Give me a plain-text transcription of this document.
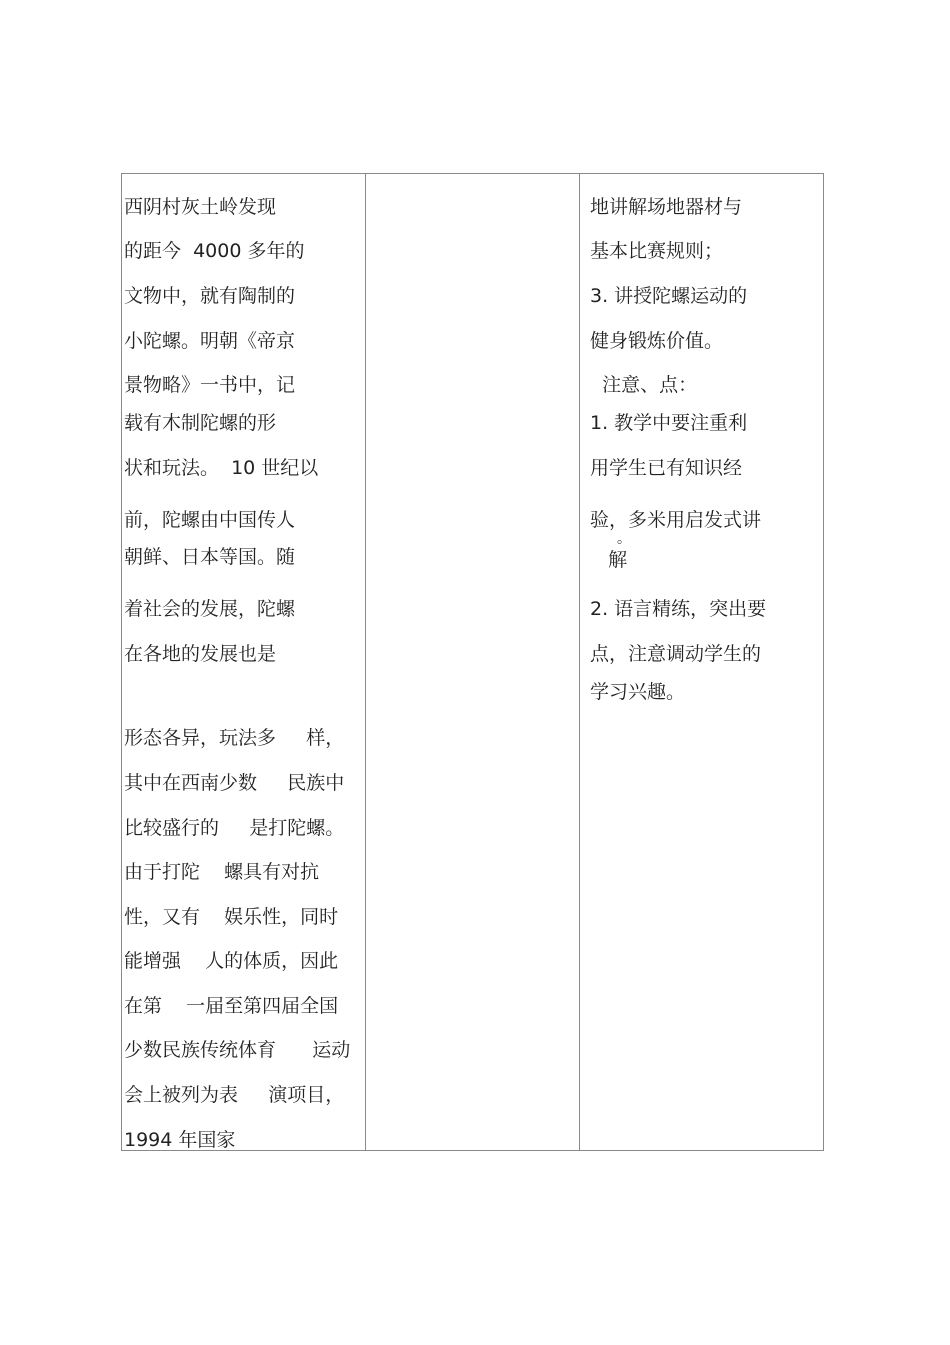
西阴村灰土岭发现
的距今  4000 多年的
文物中，就有陶制的
小陀螺。明朝《帝京
景物略》一书中，记
载有木制陀螺的形
状和玩法。  10 世纪以
前，陀螺由中国传人
朝鲜、日本等国。随
着社会的发展，陀螺
在各地的发展也是
形态各异，玩法多     样，
其中在西南少数     民族中
比较盛行的     是打陀螺。
由于打陀    螺具有对抗
性，又有    娱乐性，同时
能增强    人的体质，因此
在第    一届至第四届全国
少数民族传统体育      运动
会上被列为表     演项目，
1994 年国家
地讲解场地器材与
基本比赛规则；
3. 讲授陀螺运动的
健身锻炼价值。
注意、点：
1. 教学中要注重利
用学生已有知识经
验，多米用启发式讲
。
解
2. 语言精练，突出要
点，注意调动学生的
学习兴趣。
